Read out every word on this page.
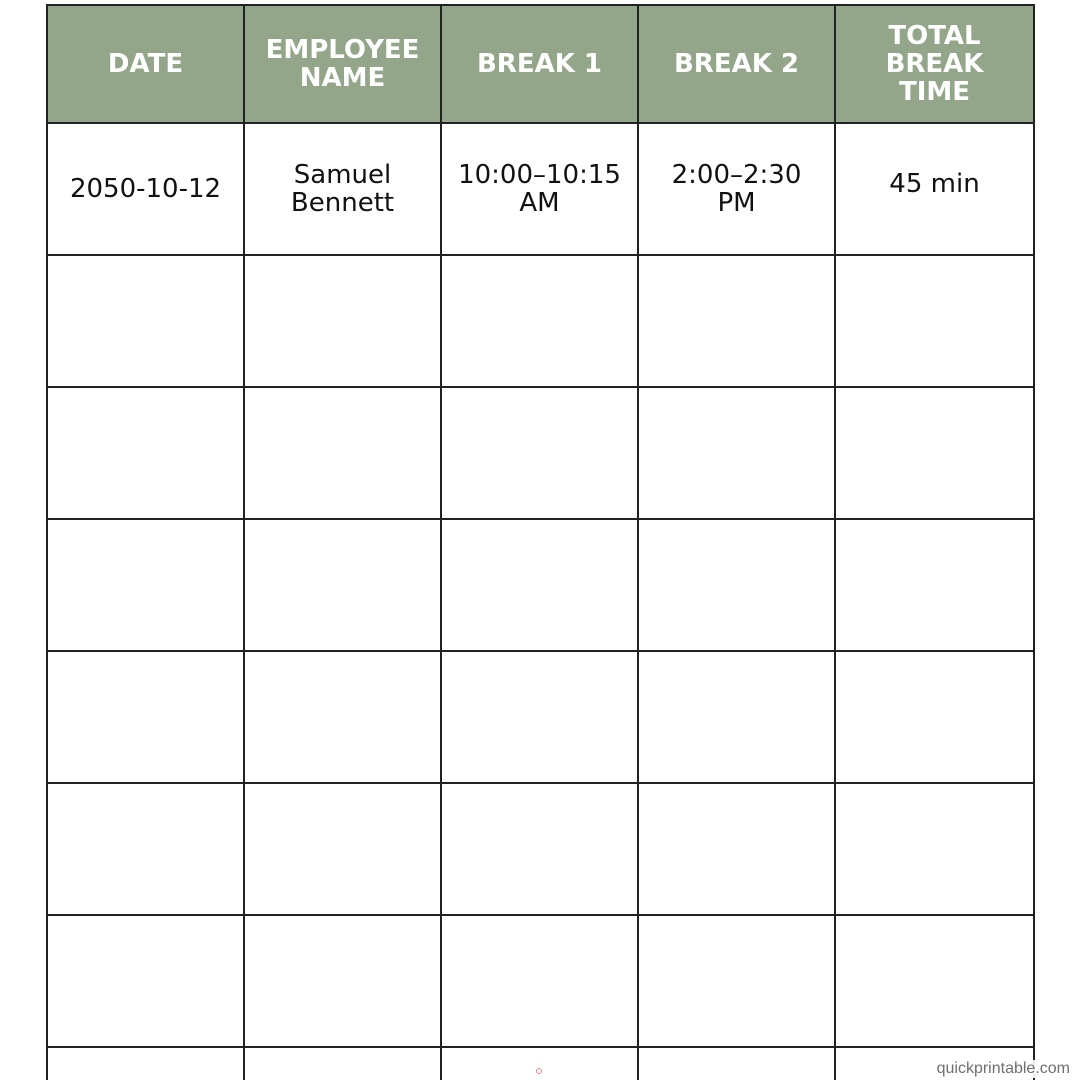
DATE	EMPLOYEE NAME	BREAK 1	BREAK 2	TOTAL BREAK TIME
2050-10-12	Samuel Bennett	10:00–10:15 AM	2:00–2:30 PM	45 min

quickprintable.com
